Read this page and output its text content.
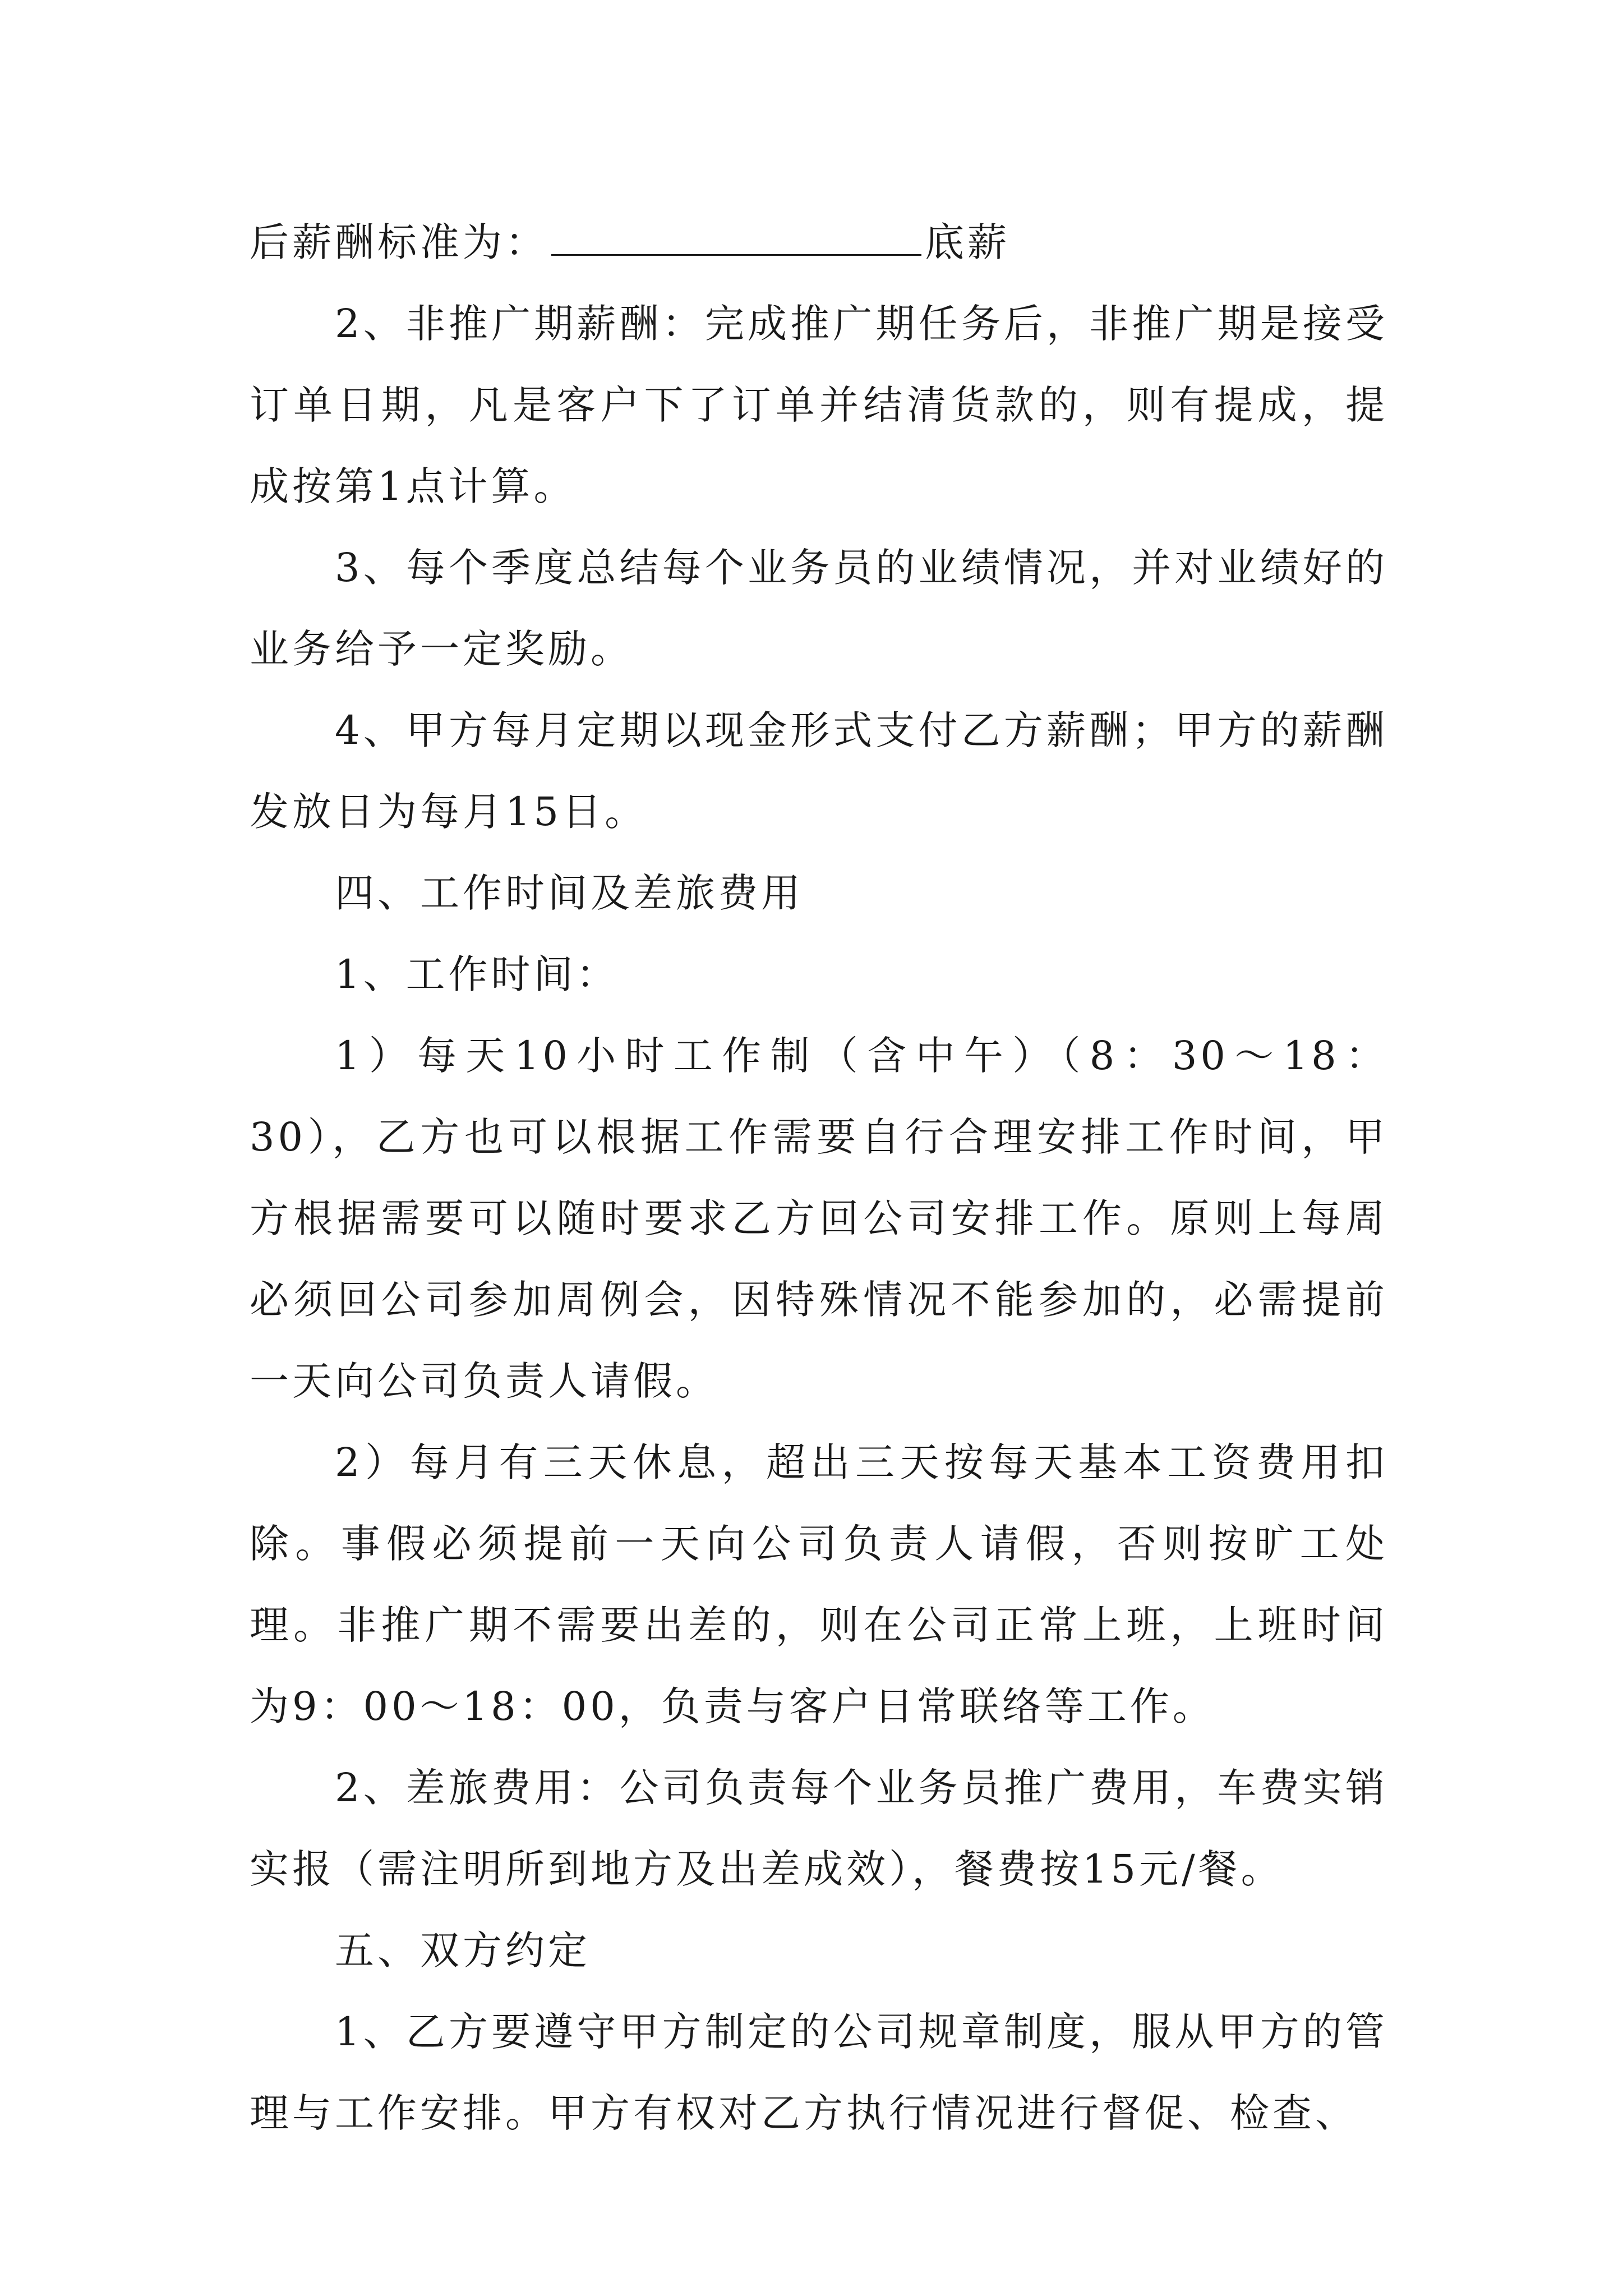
后薪酬标准为：	底薪

2、非推广期薪酬：完成推广期任务后，非推广期是接受订单日期，凡是客户下了订单并结清货款的，则有提成，提成按第1点计算。

3、每个季度总结每个业务员的业绩情况，并对业绩好的业务给予一定奖励。

4、甲方每月定期以现金形式支付乙方薪酬；甲方的薪酬发放日为每月15日。

四、工作时间及差旅费用

1、工作时间：

1）每天10小时工作制（含中午）（8：30～18：30），乙方也可以根据工作需要自行合理安排工作时间，甲方根据需要可以随时要求乙方回公司安排工作。原则上每周必须回公司参加周例会，因特殊情况不能参加的，必需提前一天向公司负责人请假。

2）每月有三天休息，超出三天按每天基本工资费用扣除。事假必须提前一天向公司负责人请假，否则按旷工处理。非推广期不需要出差的，则在公司正常上班，上班时间为9：00～18：00，负责与客户日常联络等工作。

2、差旅费用：公司负责每个业务员推广费用，车费实销实报（需注明所到地方及出差成效），餐费按15元/餐。

五、双方约定

1、乙方要遵守甲方制定的公司规章制度，服从甲方的管理与工作安排。甲方有权对乙方执行情况进行督促、检查、
